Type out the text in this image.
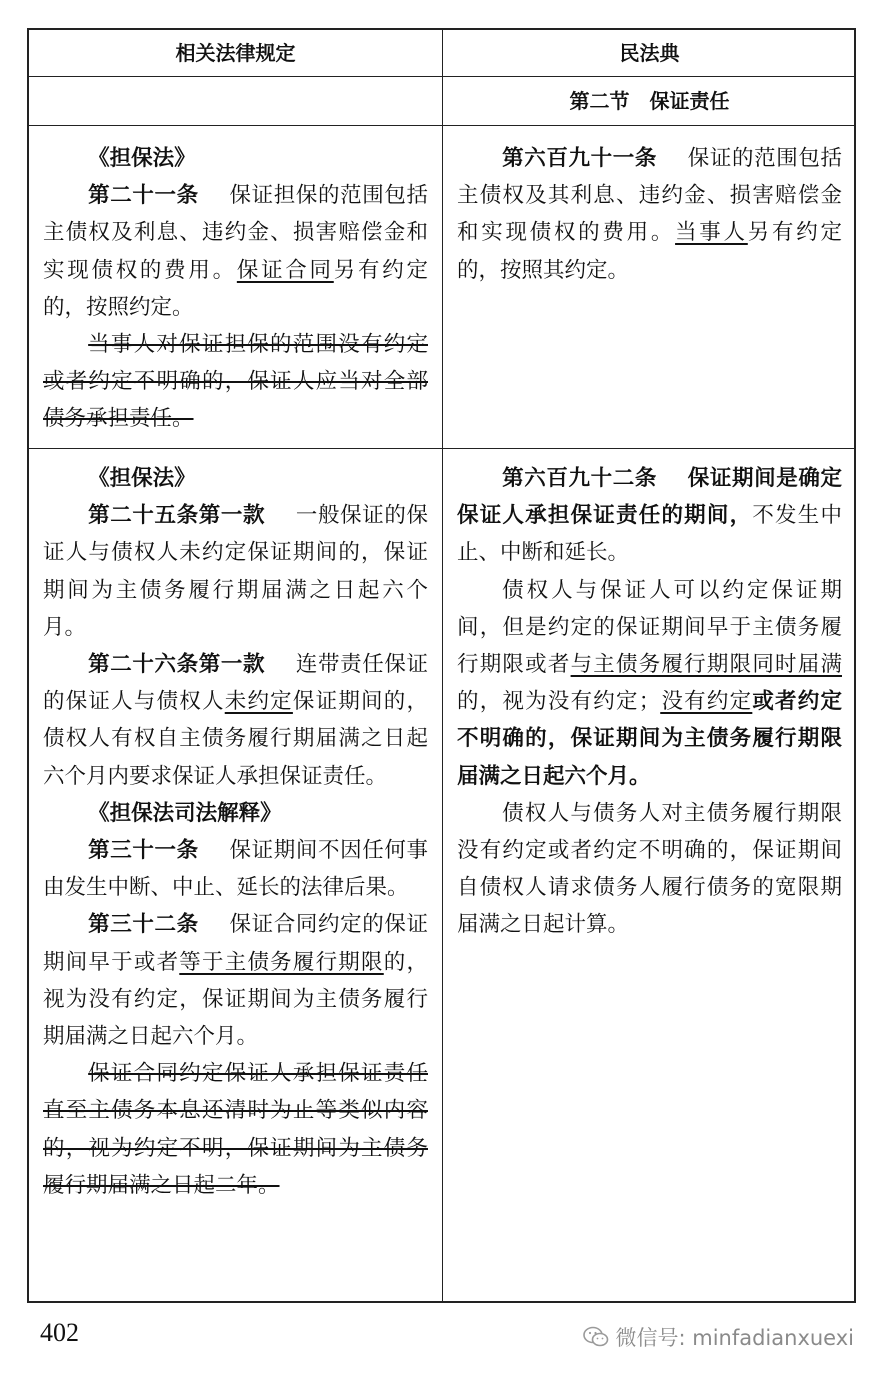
相关法律规定	民法典
第二节　保证责任

《担保法》

第二十一条 保证担保的范围包括主债权及利息、违约金、损害赔偿金和实现债权的费用。保证合同另有约定的，按照约定。

当事人对保证担保的范围没有约定或者约定不明确的，保证人应当对全部债务承担责任。

第六百九十一条 保证的范围包括主债权及其利息、违约金、损害赔偿金和实现债权的费用。当事人另有约定的，按照其约定。

《担保法》

第二十五条第一款 一般保证的保证人与债权人未约定保证期间的，保证期间为主债务履行期届满之日起六个月。

第二十六条第一款 连带责任保证的保证人与债权人未约定保证期间的，债权人有权自主债务履行期届满之日起六个月内要求保证人承担保证责任。

《担保法司法解释》

第三十一条 保证期间不因任何事由发生中断、中止、延长的法律后果。

第三十二条 保证合同约定的保证期间早于或者等于主债务履行期限的，视为没有约定，保证期间为主债务履行期届满之日起六个月。

保证合同约定保证人承担保证责任直至主债务本息还清时为止等类似内容的，视为约定不明，保证期间为主债务履行期届满之日起二年。

第六百九十二条 保证期间是确定保证人承担保证责任的期间，不发生中止、中断和延长。

债权人与保证人可以约定保证期间，但是约定的保证期间早于主债务履行期限或者与主债务履行期限同时届满的，视为没有约定；没有约定或者约定不明确的，保证期间为主债务履行期限届满之日起六个月。

债权人与债务人对主债务履行期限没有约定或者约定不明确的，保证期间自债权人请求债务人履行债务的宽限期届满之日起计算。

402	微信号: minfadianxuexi
